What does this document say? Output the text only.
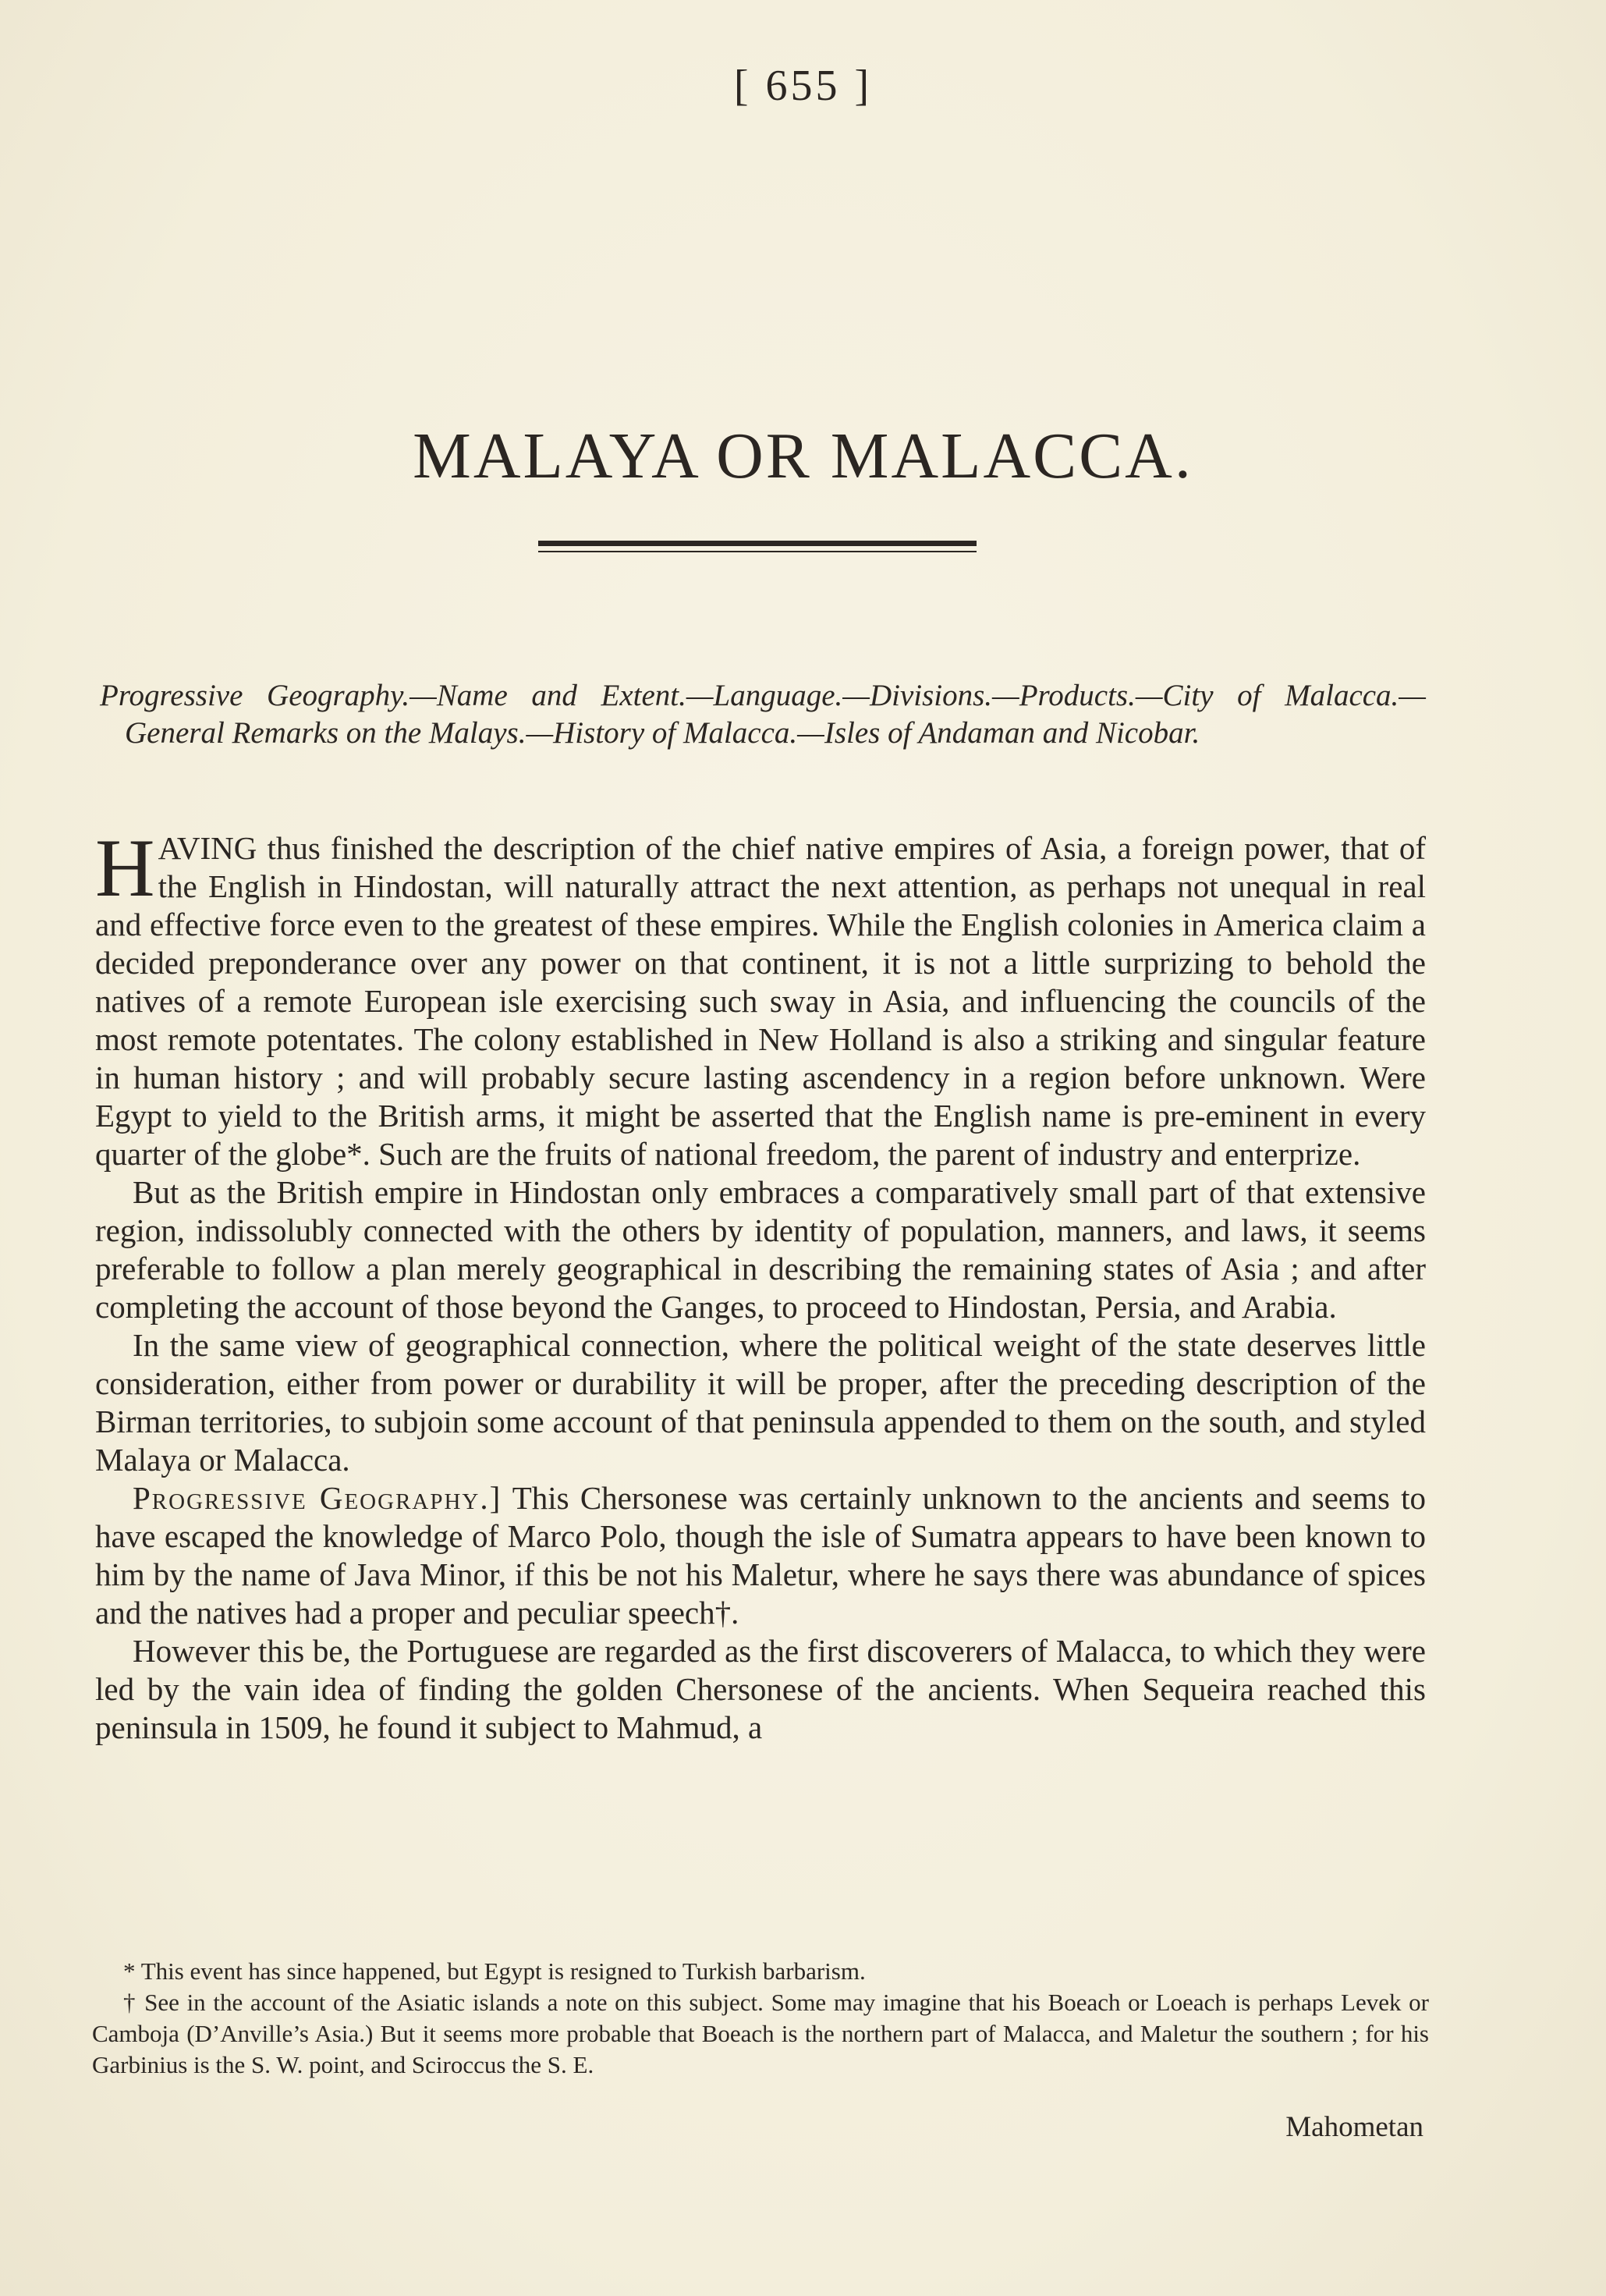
[ 655 ]
MALAYA OR MALACCA.
Progressive Geography.—Name and Extent.—Language.—Divisions.—Products.—City of Malacca.—General Remarks on the Malays.—History of Malacca.—Isles of Andaman and Nicobar.

HAVING thus finished the description of the chief native empires of Asia, a foreign power, that of the English in Hindostan, will naturally attract the next attention, as perhaps not unequal in real and effective force even to the greatest of these empires. While the English colonies in America claim a decided preponderance over any power on that continent, it is not a little surprizing to behold the natives of a remote European isle exercising such sway in Asia, and influencing the councils of the most remote potentates. The colony established in New Holland is also a striking and singular feature in human history ; and will probably secure lasting ascendency in a region before unknown. Were Egypt to yield to the British arms, it might be asserted that the English name is pre-eminent in every quarter of the globe*. Such are the fruits of national freedom, the parent of industry and enterprize.

But as the British empire in Hindostan only embraces a comparatively small part of that extensive region, indissolubly connected with the others by identity of population, manners, and laws, it seems preferable to follow a plan merely geographical in describing the remaining states of Asia ; and after completing the account of those beyond the Ganges, to proceed to Hindostan, Persia, and Arabia.

In the same view of geographical connection, where the political weight of the state deserves little consideration, either from power or durability it will be proper, after the preceding description of the Birman territories, to subjoin some account of that peninsula appended to them on the south, and styled Malaya or Malacca.

Progressive Geography.] This Chersonese was certainly unknown to the ancients and seems to have escaped the knowledge of Marco Polo, though the isle of Sumatra appears to have been known to him by the name of Java Minor, if this be not his Maletur, where he says there was abundance of spices and the natives had a proper and peculiar speech†.

However this be, the Portuguese are regarded as the first discoverers of Malacca, to which they were led by the vain idea of finding the golden Chersonese of the ancients. When Sequeira reached this peninsula in 1509, he found it subject to Mahmud, a

* This event has since happened, but Egypt is resigned to Turkish barbarism.

† See in the account of the Asiatic islands a note on this subject. Some may imagine that his Boeach or Loeach is perhaps Levek or Camboja (D’Anville’s Asia.) But it seems more probable that Boeach is the northern part of Malacca, and Maletur the southern ; for his Garbinius is the S. W. point, and Sciroccus the S. E.

Mahometan
